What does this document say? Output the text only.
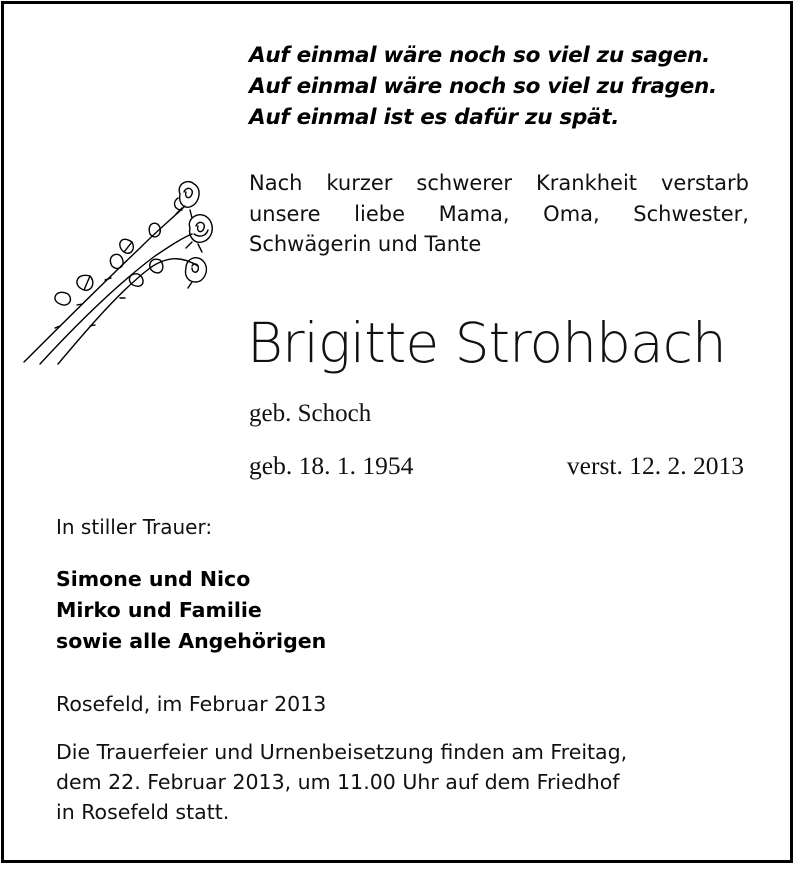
Auf einmal wäre noch so viel zu sagen.
Auf einmal wäre noch so viel zu fragen.
Auf einmal ist es dafür zu spät.
Nach kurzer schwerer Krankheit verstarb
unsere liebe Mama, Oma, Schwester,
Schwägerin und Tante
Brigitte Strohbach
geb. Schoch
geb. 18. 1. 1954	verst. 12. 2. 2013
In stiller Trauer:
Simone und Nico
Mirko und Familie
sowie alle Angehörigen
Rosefeld, im Februar 2013
Die Trauerfeier und Urnenbeisetzung finden am Freitag,
dem 22. Februar 2013, um 11.00 Uhr auf dem Friedhof
in Rosefeld statt.
